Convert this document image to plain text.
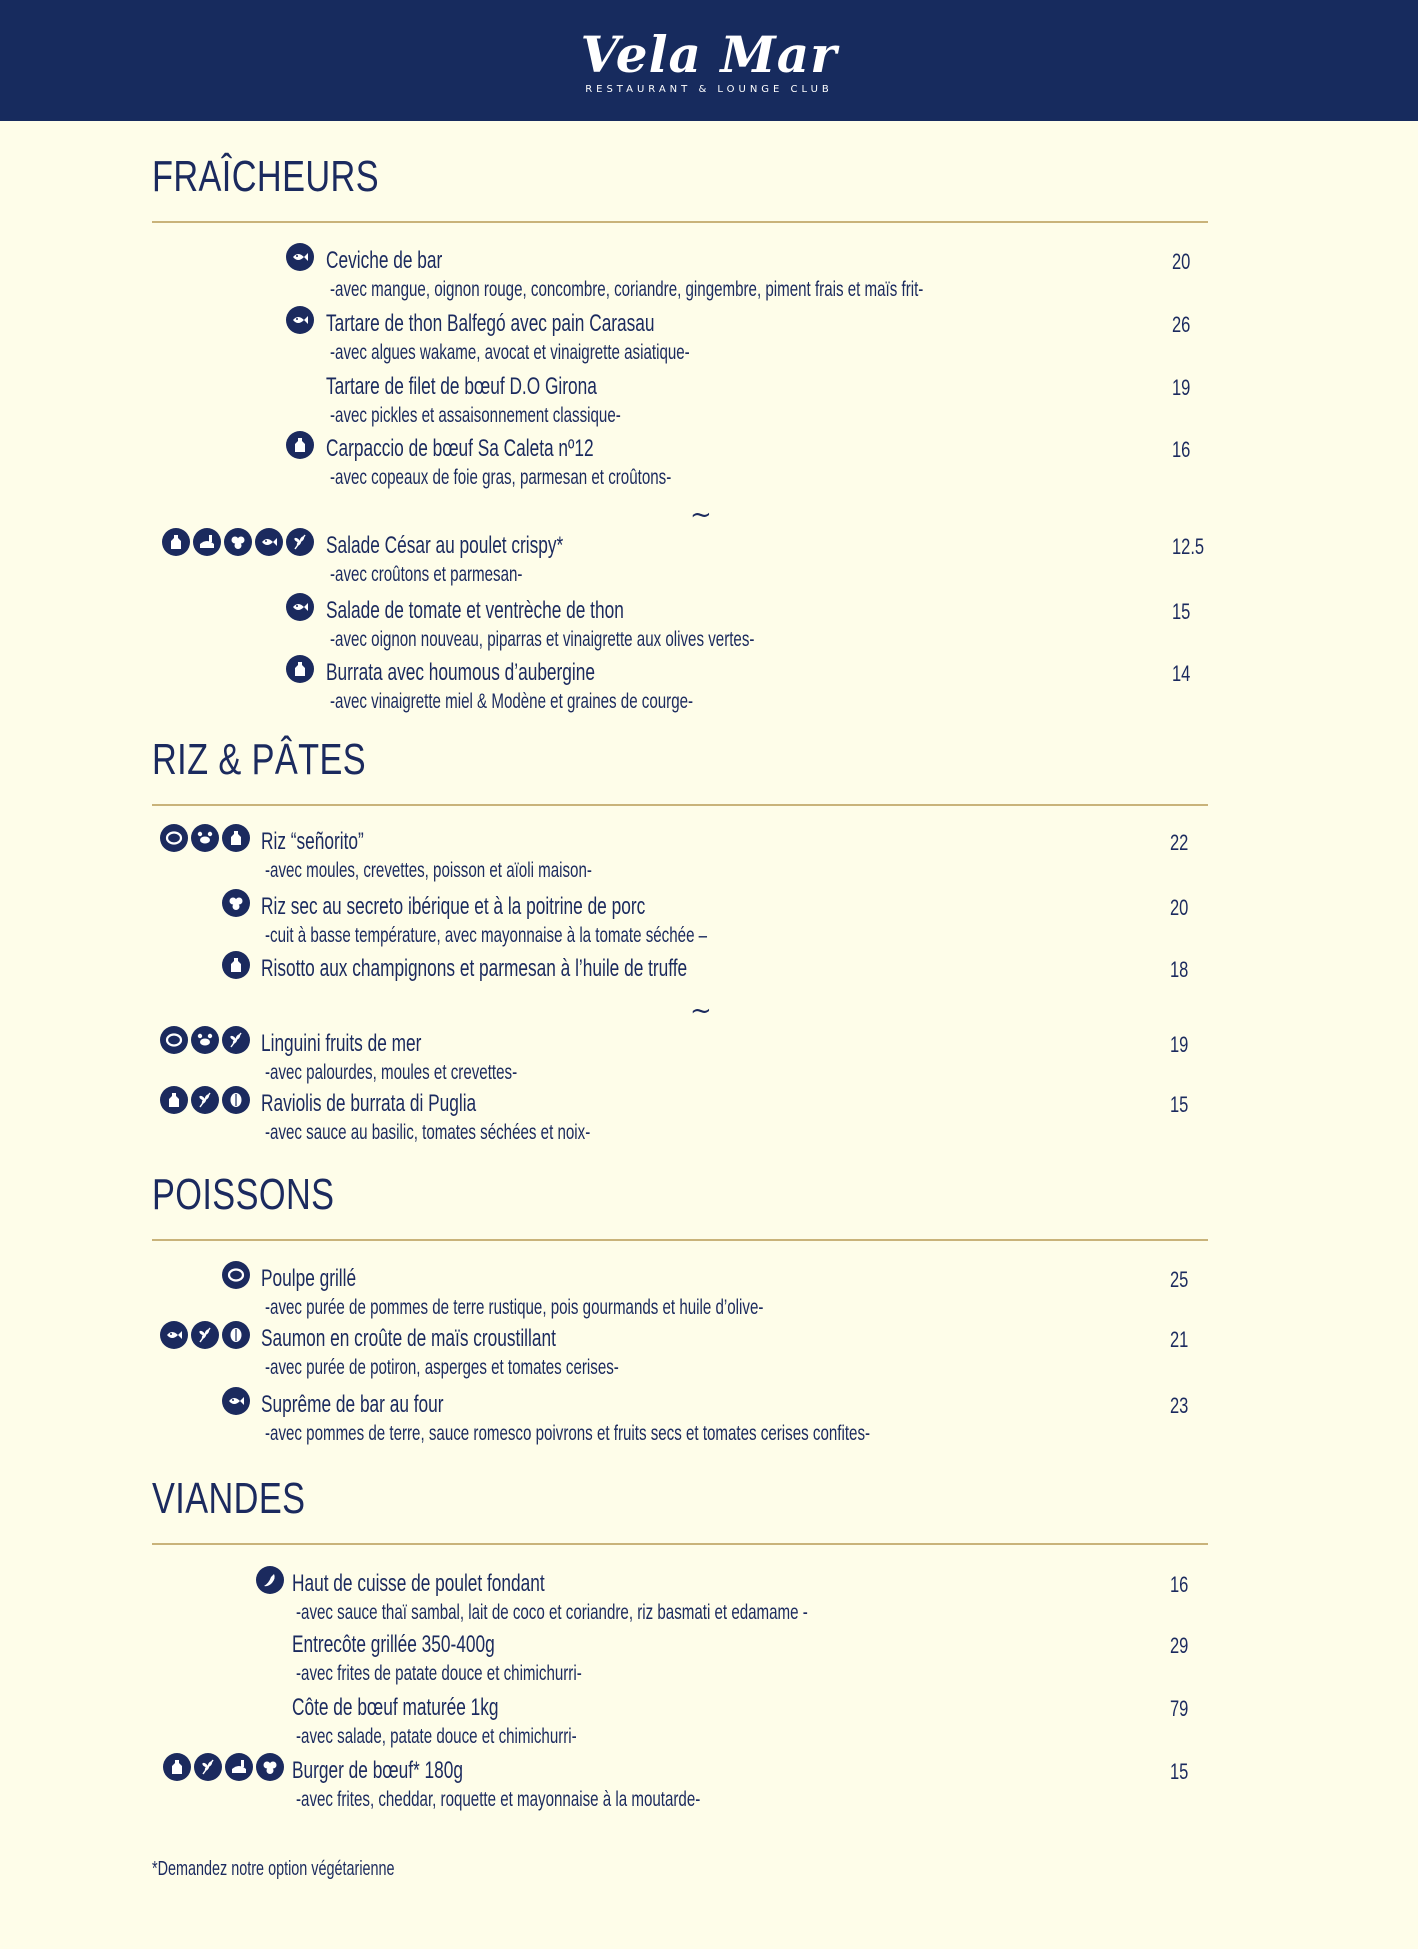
Vela Mar
RESTAURANT & LOUNGE CLUB
FRAÎCHEURS
RIZ & PÂTES
POISSONS
VIANDES
Ceviche de bar
-avec mangue, oignon rouge, concombre, coriandre, gingembre, piment frais et maïs frit-
20
Tartare de thon Balfegó avec pain Carasau
-avec algues wakame, avocat et vinaigrette asiatique-
26
Tartare de filet de bœuf D.O Girona
-avec pickles et assaisonnement classique-
19
Carpaccio de bœuf Sa Caleta nº12
-avec copeaux de foie gras, parmesan et croûtons-
16
Salade César au poulet crispy*
-avec croûtons et parmesan-
12.5
Salade de tomate et ventrèche de thon
-avec oignon nouveau, piparras et vinaigrette aux olives vertes-
15
Burrata avec houmous d’aubergine
-avec vinaigrette miel & Modène et graines de courge-
14
Riz “señorito”
-avec moules, crevettes, poisson et aïoli maison-
22
Riz sec au secreto ibérique et à la poitrine de porc
-cuit à basse température, avec mayonnaise à la tomate séchée –
20
Risotto aux champignons et parmesan à l’huile de truffe	18
Linguini fruits de mer
-avec palourdes, moules et crevettes-
19
Raviolis de burrata di Puglia
-avec sauce au basilic, tomates séchées et noix-
15
Poulpe grillé
-avec purée de pommes de terre rustique, pois gourmands et huile d’olive-
25
Saumon en croûte de maïs croustillant
-avec purée de potiron, asperges et tomates cerises-
21
Suprême de bar au four
-avec pommes de terre, sauce romesco poivrons et fruits secs et tomates cerises confites-
23
Haut de cuisse de poulet fondant
-avec sauce thaï sambal, lait de coco et coriandre, riz basmati et edamame -
16
Entrecôte grillée 350-400g
-avec frites de patate douce et chimichurri-
29
Côte de bœuf maturée 1kg
-avec salade, patate douce et chimichurri-
79
Burger de bœuf* 180g
-avec frites, cheddar, roquette et mayonnaise à la moutarde-
15
~
~
*Demandez notre option végétarienne
